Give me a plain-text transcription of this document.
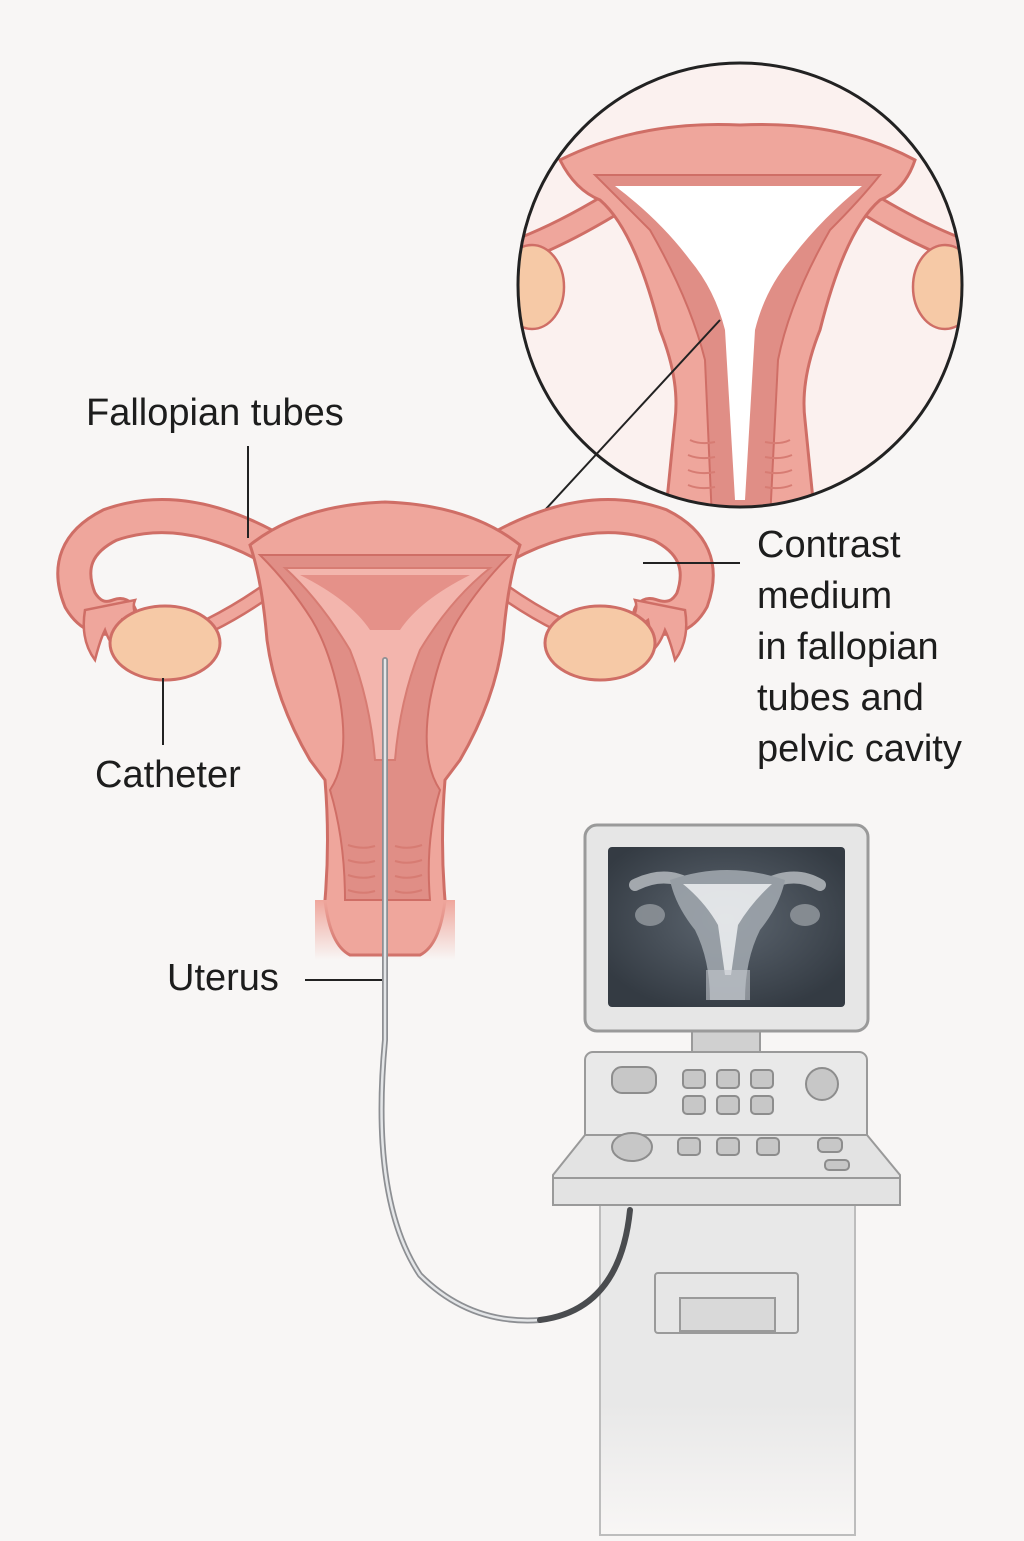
Fallopian tubes

Catheter

Uterus

Contrast
medium
in fallopian
tubes and
pelvic cavity
